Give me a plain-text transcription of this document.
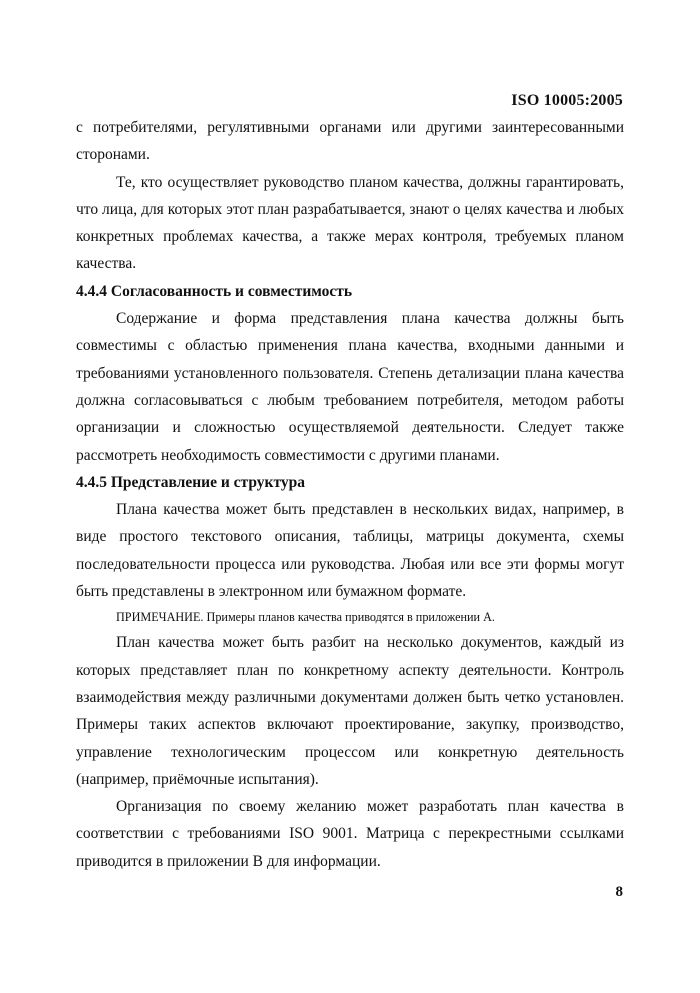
ISO 10005:2005

с потребителями, регулятивными органами или другими заинтересованными сторонами.

Те, кто осуществляет руководство планом качества, должны гарантировать, что лица, для которых этот план разрабатывается, знают о целях качества и любых конкретных проблемах качества, а также мерах контроля, требуемых планом качества.

4.4.4 Согласованность и совместимость

Содержание и форма представления плана качества должны быть совместимы с областью применения плана качества, входными данными и требованиями установленного пользователя. Степень детализации плана качества должна согласовываться с любым требованием потребителя, методом работы организации и сложностью осуществляемой деятельности. Следует также рассмотреть необходимость совместимости с другими планами.

4.4.5 Представление и структура

Плана качества может быть представлен в нескольких видах, например, в виде простого текстового описания, таблицы, матрицы документа, схемы последовательности процесса или руководства. Любая или все эти формы могут быть представлены в электронном или бумажном формате.

ПРИМЕЧАНИЕ. Примеры планов качества приводятся в приложении А.

План качества может быть разбит на несколько документов, каждый из которых представляет план по конкретному аспекту деятельности. Контроль взаимодействия между различными документами должен быть четко установлен. Примеры таких аспектов включают проектирование, закупку, производство, управление технологическим процессом или конкретную деятельность (например, приёмочные испытания).

Организация по своему желанию может разработать план качества в соответствии с требованиями ISO 9001. Матрица с перекрестными ссылками приводится в приложении В для информации.

8
